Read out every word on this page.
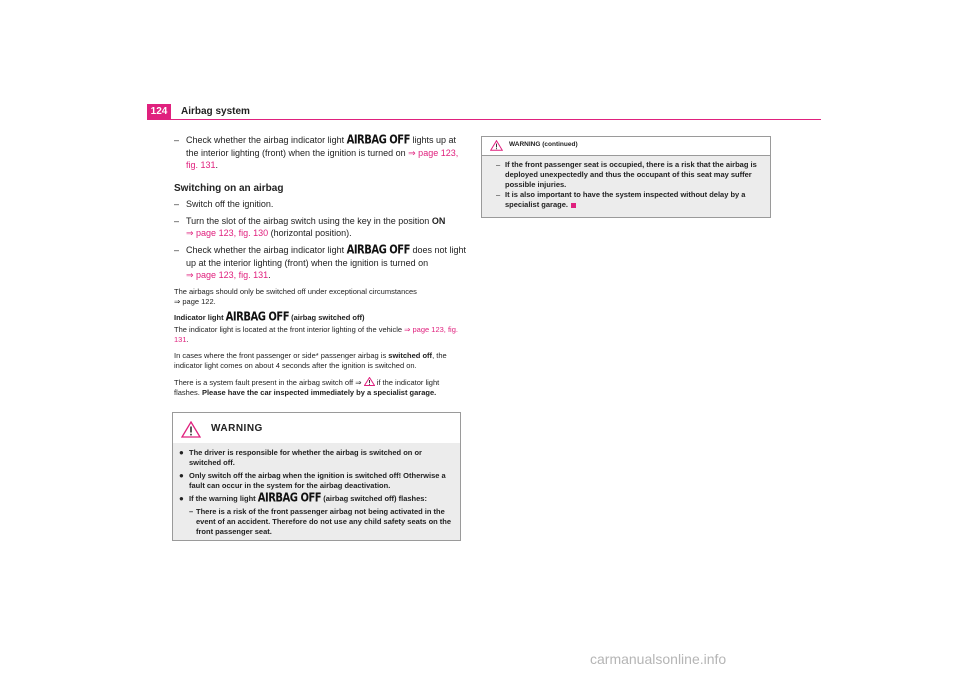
124	Airbag system
– Check whether the airbag indicator light AIRBAG OFF lights up at the interior lighting (front) when the ignition is turned on ⇒ page 123, fig. 131.
Switching on an airbag
– Switch off the ignition.
– Turn the slot of the airbag switch using the key in the position ON
⇒ page 123, fig. 130 (horizontal position).
– Check whether the airbag indicator light AIRBAG OFF does not light up at the interior lighting (front) when the ignition is turned on
⇒ page 123, fig. 131.
The airbags should only be switched off under exceptional circumstances
⇒ page 122.
Indicator light AIRBAG OFF (airbag switched off)
The indicator light is located at the front interior lighting of the vehicle ⇒ page 123, fig. 131.
In cases where the front passenger or side* passenger airbag is switched off, the indicator light comes on about 4 seconds after the ignition is switched on.
There is a system fault present in the airbag switch off ⇒  if the indicator light flashes. Please have the car inspected immediately by a specialist garage.
WARNING
● The driver is responsible for whether the airbag is switched on or switched off.
● Only switch off the airbag when the ignition is switched off! Otherwise a fault can occur in the system for the airbag deactivation.
● If the warning light AIRBAG OFF (airbag switched off) flashes:
– There is a risk of the front passenger airbag not being activated in the event of an accident. Therefore do not use any child safety seats on the front passenger seat.
WARNING (continued)
– If the front passenger seat is occupied, there is a risk that the airbag is deployed unexpectedly and thus the occupant of this seat may suffer possible injuries.
– It is also important to have the system inspected without delay by a specialist garage.
carmanualsonline.info
